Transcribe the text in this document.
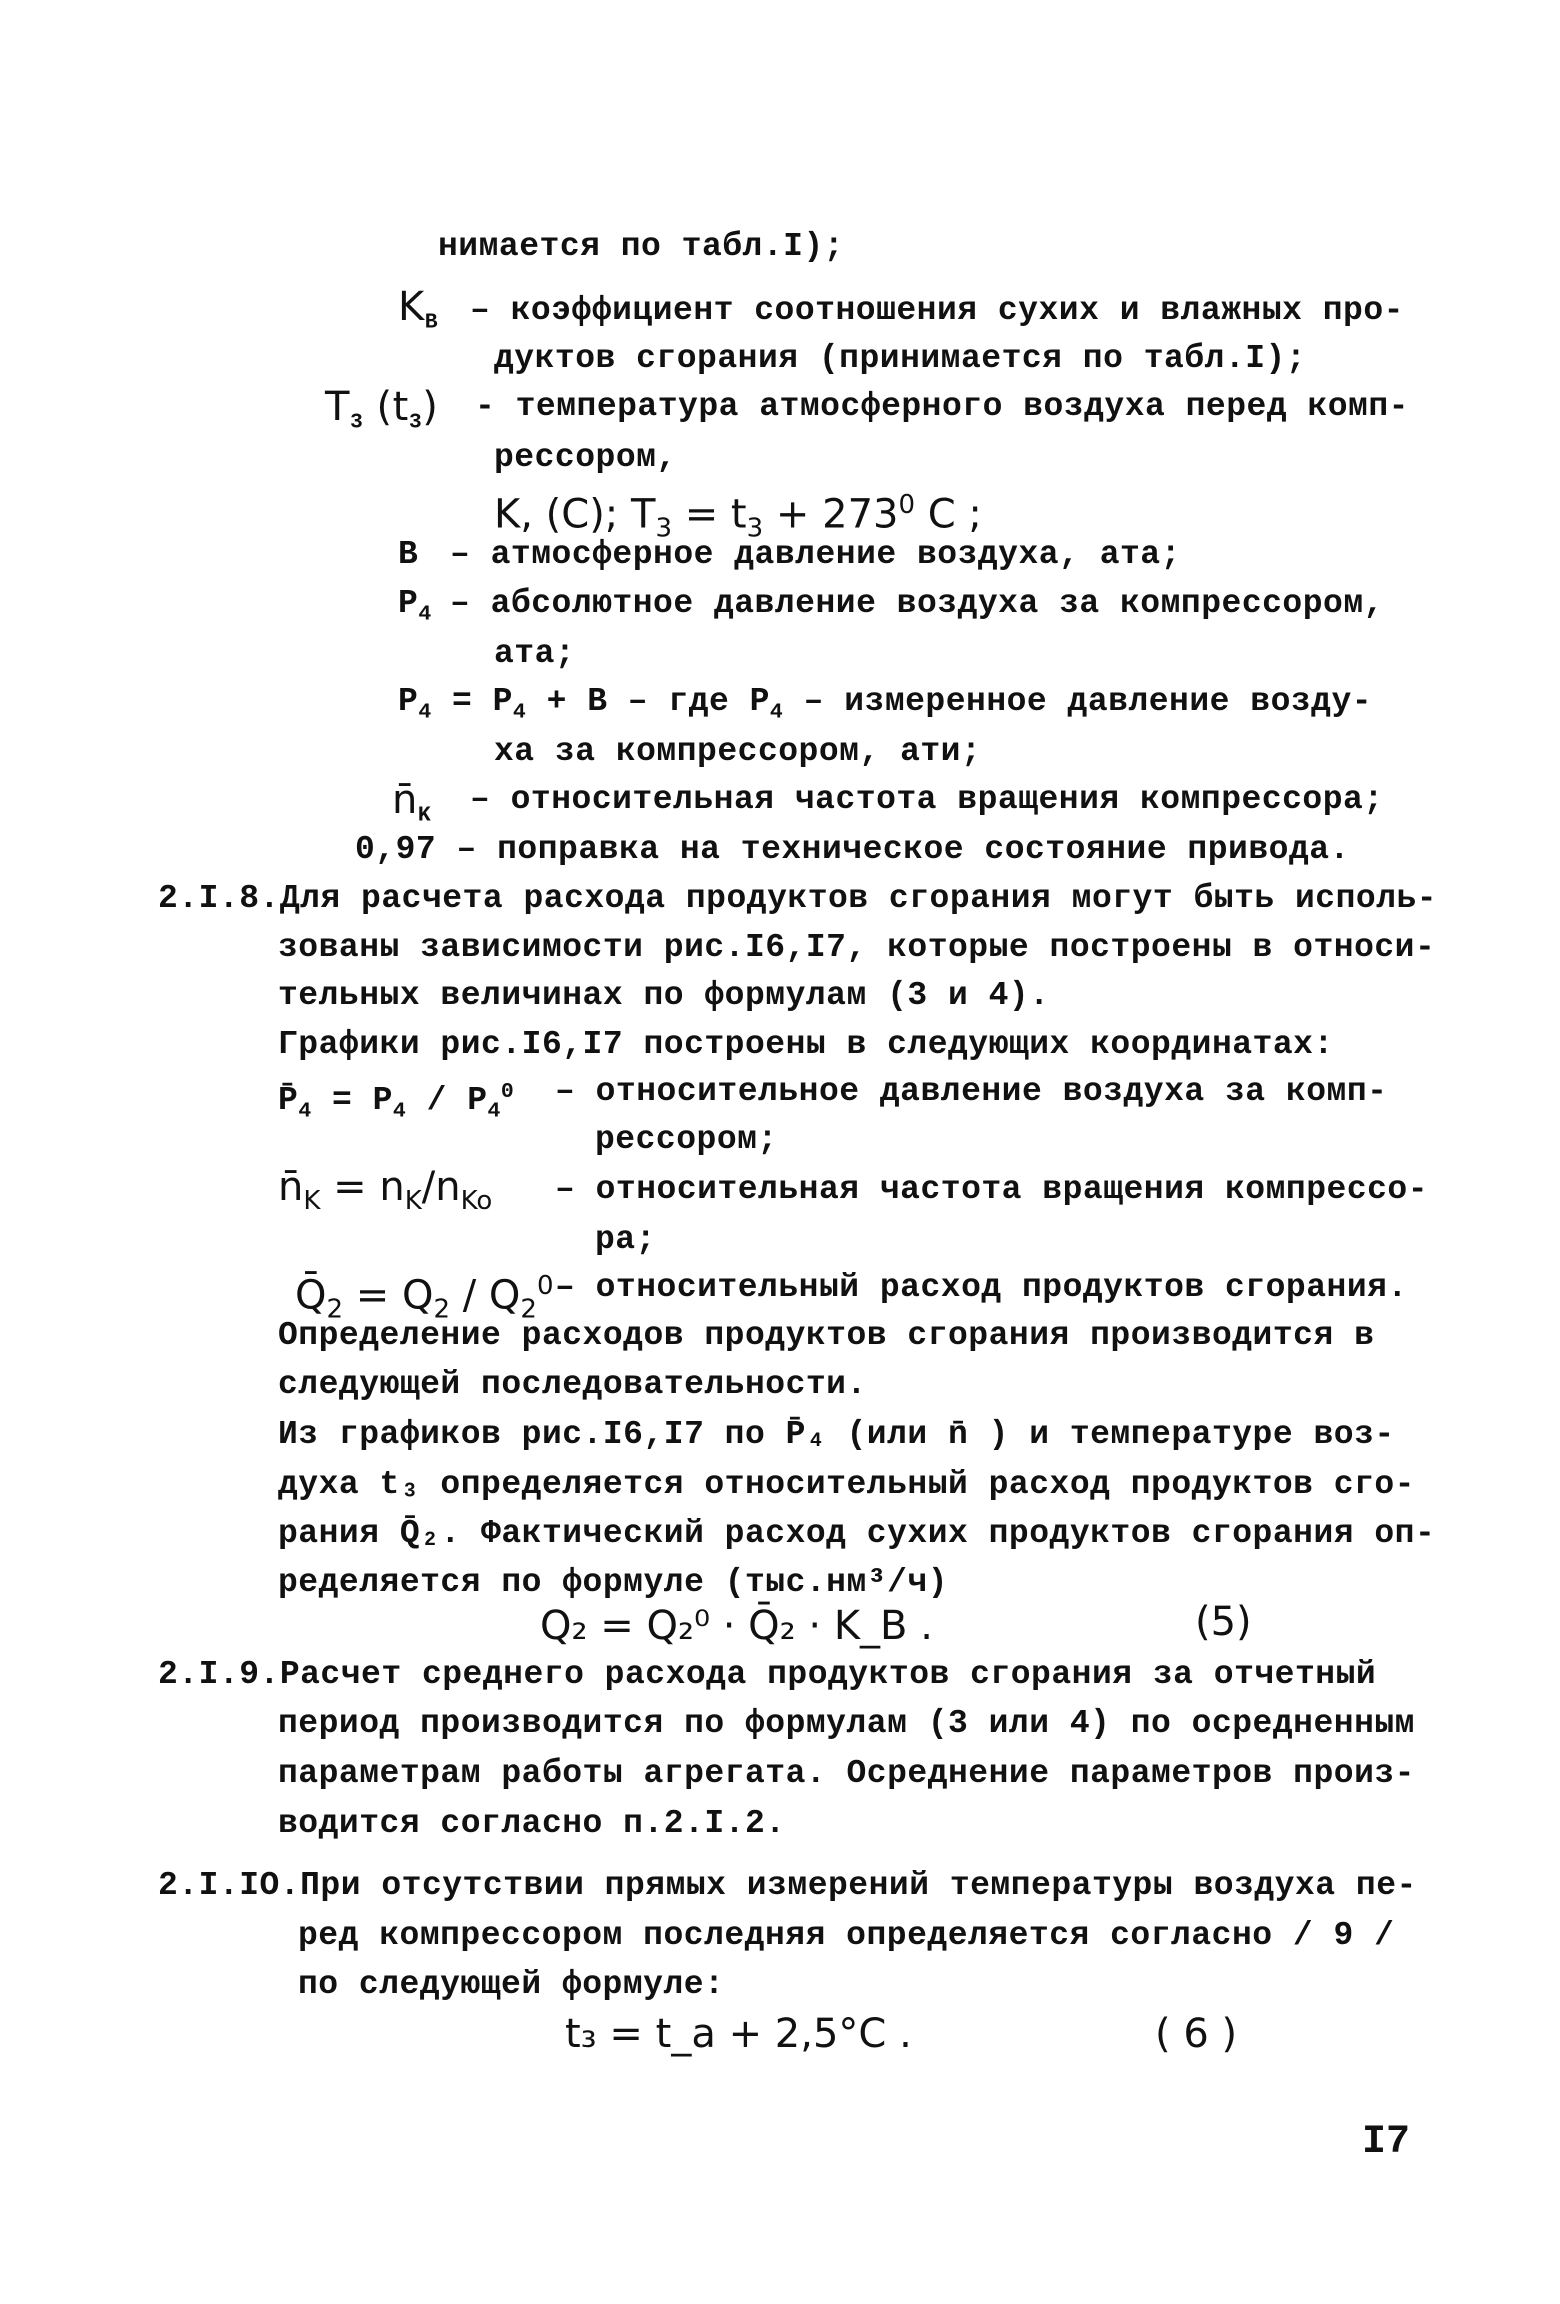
нимается по табл.I);
$K_B$ – коэффициент соотношения сухих и влажных про-
дуктов сгорания (принимается по табл.I);
$T_3$ $(t_3)$ - температура атмосферного воздуха перед комп-
рессором,
K, (C); $T_3 = t_3 + 273^0$ C ;
B – атмосферное давление воздуха, ата;
$P_4$ – абсолютное давление воздуха за компрессором,
ата;
$P_4 = P_4 + B$ – где $P_4$ – измеренное давление возду-
ха за компрессором, ати;
$n̄_K$ – относительная частота вращения компрессора;
0,97 – поправка на техническое состояние привода.
2.I.8.Для расчета расхода продуктов сгорания могут быть исполь-
зованы зависимости рис.I6,I7, которые построены в относи-
тельных величинах по формулам (3 и 4).
Графики рис.I6,I7 построены в следующих координатах:
$P̄_4 = P_4 / P_4^0$ – относительное давление воздуха за комп-
рессором;
$n̄_K = n_K/n_{Ko}$ – относительная частота вращения компрессо-
ра;
$Q̄_2 = Q_2 / Q_2^0$ – относительный расход продуктов сгорания.
Определение расходов продуктов сгорания производится в
следующей последовательности.
Из графиков рис.I6,I7 по P̄₄ (или n̄ ) и температуре воз-
духа t₃ определяется относительный расход продуктов сго-
рания Q̄₂. Фактический расход сухих продуктов сгорания оп-
ределяется по формуле (тыс.нм³/ч)
Q₂ = Q₂⁰ · Q̄₂ · K_B .	(5)
2.I.9.Расчет среднего расхода продуктов сгорания за отчетный
период производится по формулам (3 или 4) по осредненным
параметрам работы агрегата. Осреднение параметров произ-
водится согласно п.2.I.2.
2.I.IO.При отсутствии прямых измерений температуры воздуха пе-
ред компрессором последняя определяется согласно / 9 /
по следующей формуле:
t₃ = t_a + 2,5°C .	( 6 )
I7
